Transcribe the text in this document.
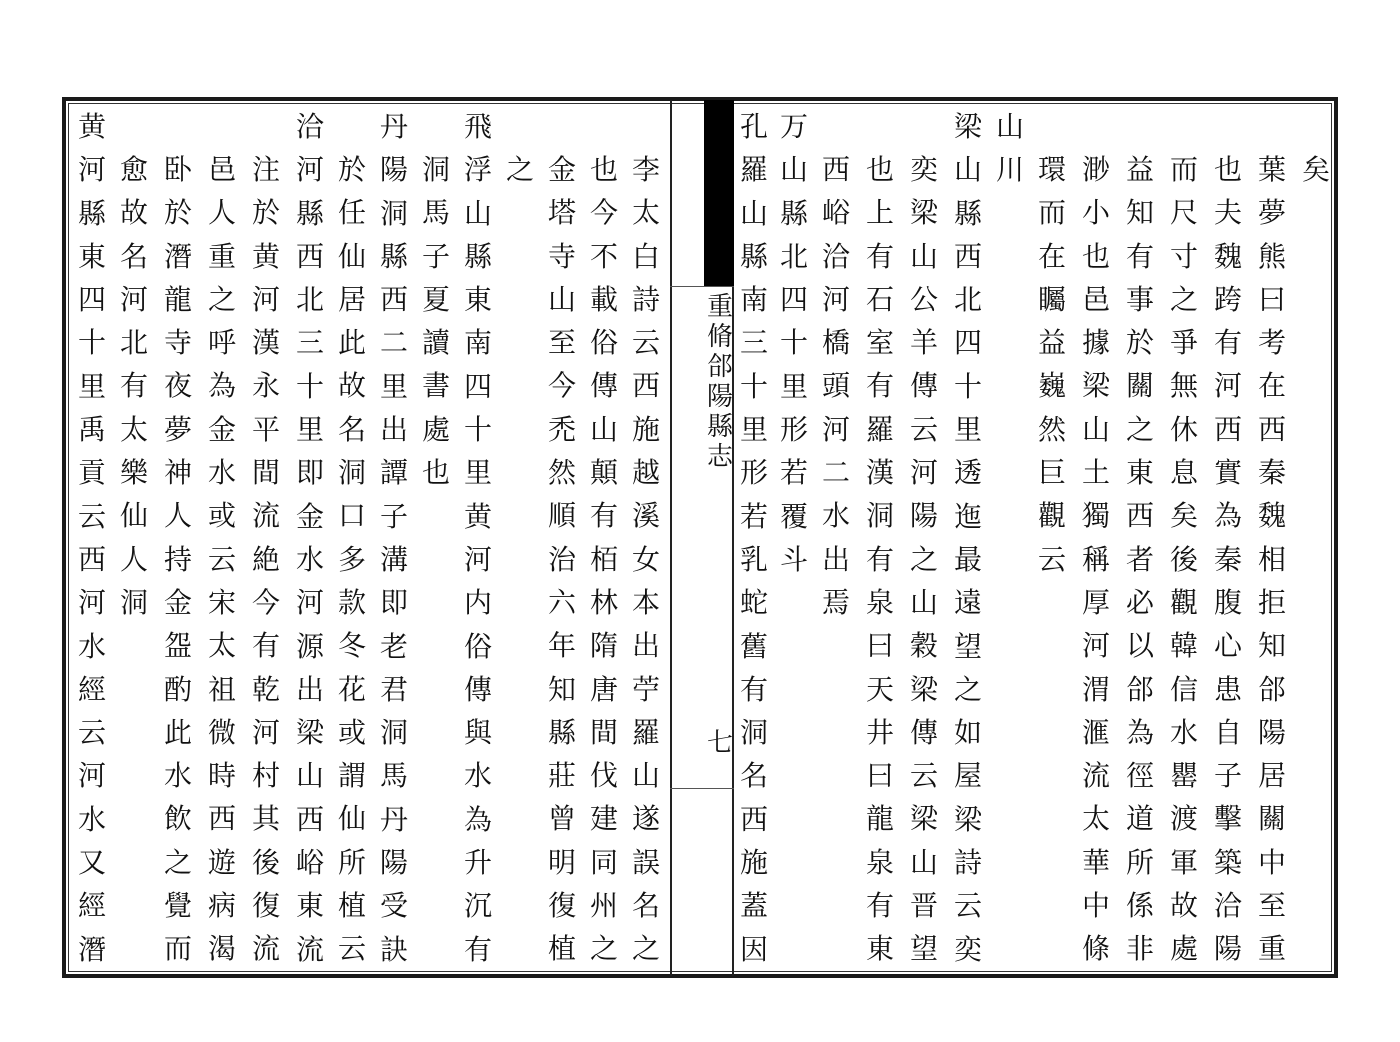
重脩郃陽縣志
七
矣
葉夢熊曰考在西秦魏相拒知郃陽居關中至重
也夫魏跨有河西實為秦腹心患自子擊築洽陽
而尺寸之爭無休息矣後觀韓信水罌渡軍故處
益知有事於關之東西者必以郃為徑道所係非
渺小也邑據梁山土獨稱厚河渭滙流太華中條
環而在矚益巍然巨觀云
山川
梁山縣西北四十里透迤最遠望之如屋梁詩云奕
奕梁山公羊傳云河陽之山穀梁傳云梁山晋望
也上有石室有羅漢洞有泉曰天井曰龍泉有東
西峪洽河橋頭河二水出焉
万山縣北四十里形若覆斗
孔羅山縣南三十里形若乳蛇舊有洞名西施蓋因
李太白詩云西施越溪女本出苧羅山遂誤名之
也今不載俗傳山顛有栢林隋唐間伐建同州之
金塔寺山至今禿然順治六年知縣莊曾明復植
之
飛浮山縣東南四十里黄河内俗傳與水為升沉有
洞馬子夏讀書處也
丹陽洞縣西二里出譚子溝即老君洞馬丹陽受訣
於任仙居此故名洞口多款冬花或謂仙所植云
洽河縣西北三十里即金水河源出梁山西峪東流
注於黄河漢永平間流絶今有乾河村其後復流
邑人重之呼為金水或云宋太祖微時西遊病渴
卧於潛龍寺夜夢神人持金盌酌此水飲之覺而
愈故名河北有太樂仙人洞
黄河縣東四十里禹貢云西河水經云河水又經潛
